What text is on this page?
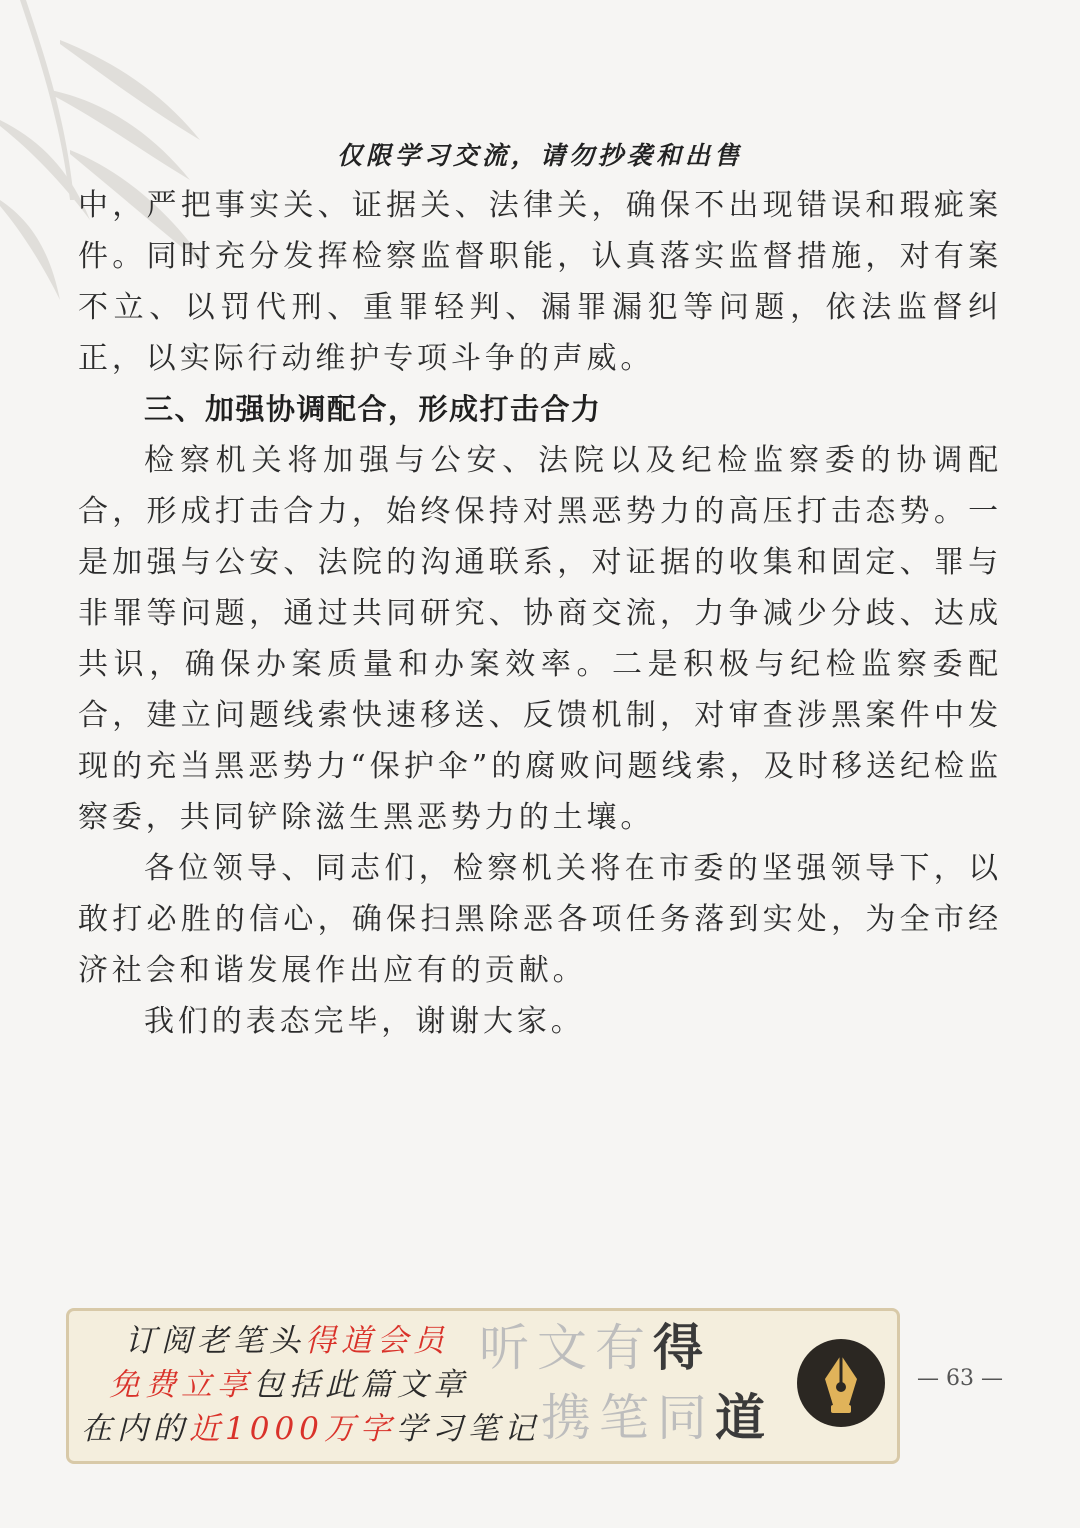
仅限学习交流，请勿抄袭和出售

中，严把事实关、证据关、法律关，确保不出现错误和瑕疵案件。同时充分发挥检察监督职能，认真落实监督措施，对有案不立、以罚代刑、重罪轻判、漏罪漏犯等问题，依法监督纠正，以实际行动维护专项斗争的声威。

三、加强协调配合，形成打击合力

检察机关将加强与公安、法院以及纪检监察委的协调配合，形成打击合力，始终保持对黑恶势力的高压打击态势。一是加强与公安、法院的沟通联系，对证据的收集和固定、罪与非罪等问题，通过共同研究、协商交流，力争减少分歧、达成共识，确保办案质量和办案效率。二是积极与纪检监察委配合，建立问题线索快速移送、反馈机制，对审查涉黑案件中发现的充当黑恶势力“保护伞”的腐败问题线索，及时移送纪检监察委，共同铲除滋生黑恶势力的土壤。

各位领导、同志们，检察机关将在市委的坚强领导下，以敢打必胜的信心，确保扫黑除恶各项任务落到实处，为全市经济社会和谐发展作出应有的贡献。

我们的表态完毕，谢谢大家。

订阅老笔头得道会员
免费立享包括此篇文章
在内的近1000万字学习笔记
听文有得
携笔同道
— 63 —
